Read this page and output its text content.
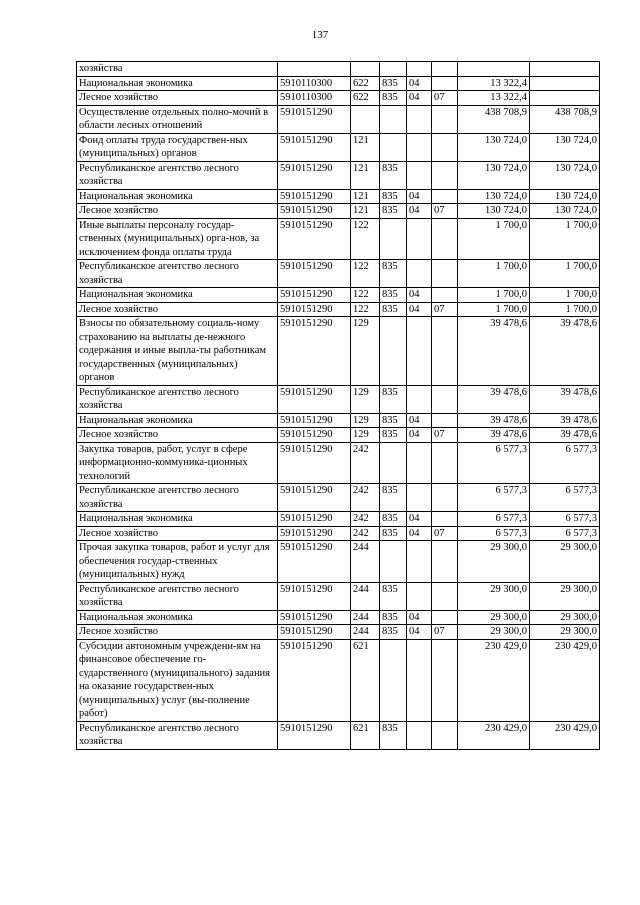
137
хозяйства							
Национальная экономика	5910110300	622	835	04		13 322,4	
Лесное хозяйство	5910110300	622	835	04	07	13 322,4	
Осуществление отдельных полно-мочий в области лесных отношений	5910151290					438 708,9	438 708,9
Фонд оплаты труда государствен-ных (муниципальных) органов	5910151290	121				130 724,0	130 724,0
Республиканское агентство лесного хозяйства	5910151290	121	835			130 724,0	130 724,0
Национальная экономика	5910151290	121	835	04		130 724,0	130 724,0
Лесное хозяйство	5910151290	121	835	04	07	130 724,0	130 724,0
Иные выплаты персоналу государ-ственных (муниципальных) орга-нов, за исключением фонда оплаты труда	5910151290	122				1 700,0	1 700,0
Республиканское агентство лесного хозяйства	5910151290	122	835			1 700,0	1 700,0
Национальная экономика	5910151290	122	835	04		1 700,0	1 700,0
Лесное хозяйство	5910151290	122	835	04	07	1 700,0	1 700,0
Взносы по обязательному социаль-ному страхованию на выплаты де-нежного содержания и иные выпла-ты работникам государственных (муниципальных) органов	5910151290	129				39 478,6	39 478,6
Республиканское агентство лесного хозяйства	5910151290	129	835			39 478,6	39 478,6
Национальная экономика	5910151290	129	835	04		39 478,6	39 478,6
Лесное хозяйство	5910151290	129	835	04	07	39 478,6	39 478,6
Закупка товаров, работ, услуг в сфере информационно-коммуника-ционных технологий	5910151290	242				6 577,3	6 577,3
Республиканское агентство лесного хозяйства	5910151290	242	835			6 577,3	6 577,3
Национальная экономика	5910151290	242	835	04		6 577,3	6 577,3
Лесное хозяйство	5910151290	242	835	04	07	6 577,3	6 577,3
Прочая закупка товаров, работ и услуг для обеспечения государ-ственных (муниципальных) нужд	5910151290	244				29 300,0	29 300,0
Республиканское агентство лесного хозяйства	5910151290	244	835			29 300,0	29 300,0
Национальная экономика	5910151290	244	835	04		29 300,0	29 300,0
Лесное хозяйство	5910151290	244	835	04	07	29 300,0	29 300,0
Субсидии автономным учреждени-ям на финансовое обеспечение го-сударственного (муниципального) задания на оказание государствен-ных (муниципальных) услуг (вы-полнение работ)	5910151290	621				230 429,0	230 429,0
Республиканское агентство лесного хозяйства	5910151290	621	835			230 429,0	230 429,0
